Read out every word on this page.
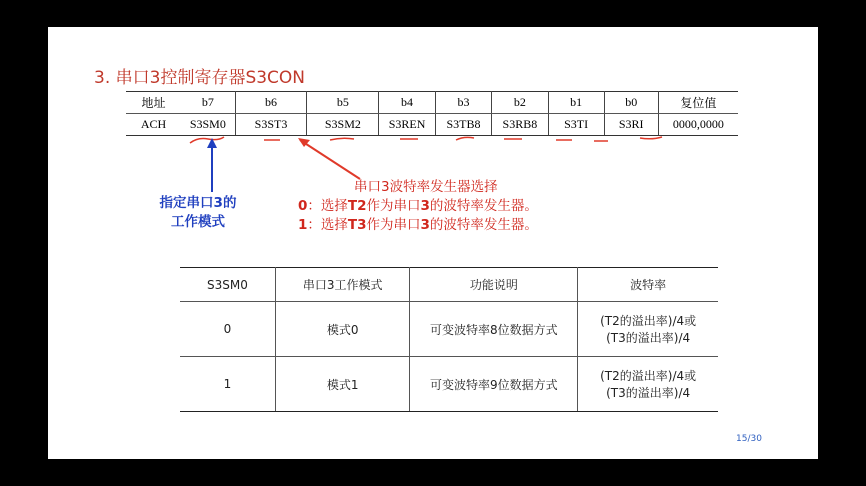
3. 串口3控制寄存器S3CON
地址	b7	b6	b5	b4	b3	b2	b1	b0	复位值
ACH	S3SM0	S3ST3	S3SM2	S3REN	S3TB8	S3RB8	S3TI	S3RI	0000,0000
指定串口3的
工作模式
串口3波特率发生器选择
0：选择T2作为串口3的波特率发生器。
1：选择T3作为串口3的波特率发生器。
S3SM0	串口3工作模式	功能说明	波特率
0	模式0	可变波特率8位数据方式	(T2的溢出率)/4或
(T3的溢出率)/4

1	模式1	可变波特率9位数据方式	(T2的溢出率)/4或
(T3的溢出率)/4
15/30
